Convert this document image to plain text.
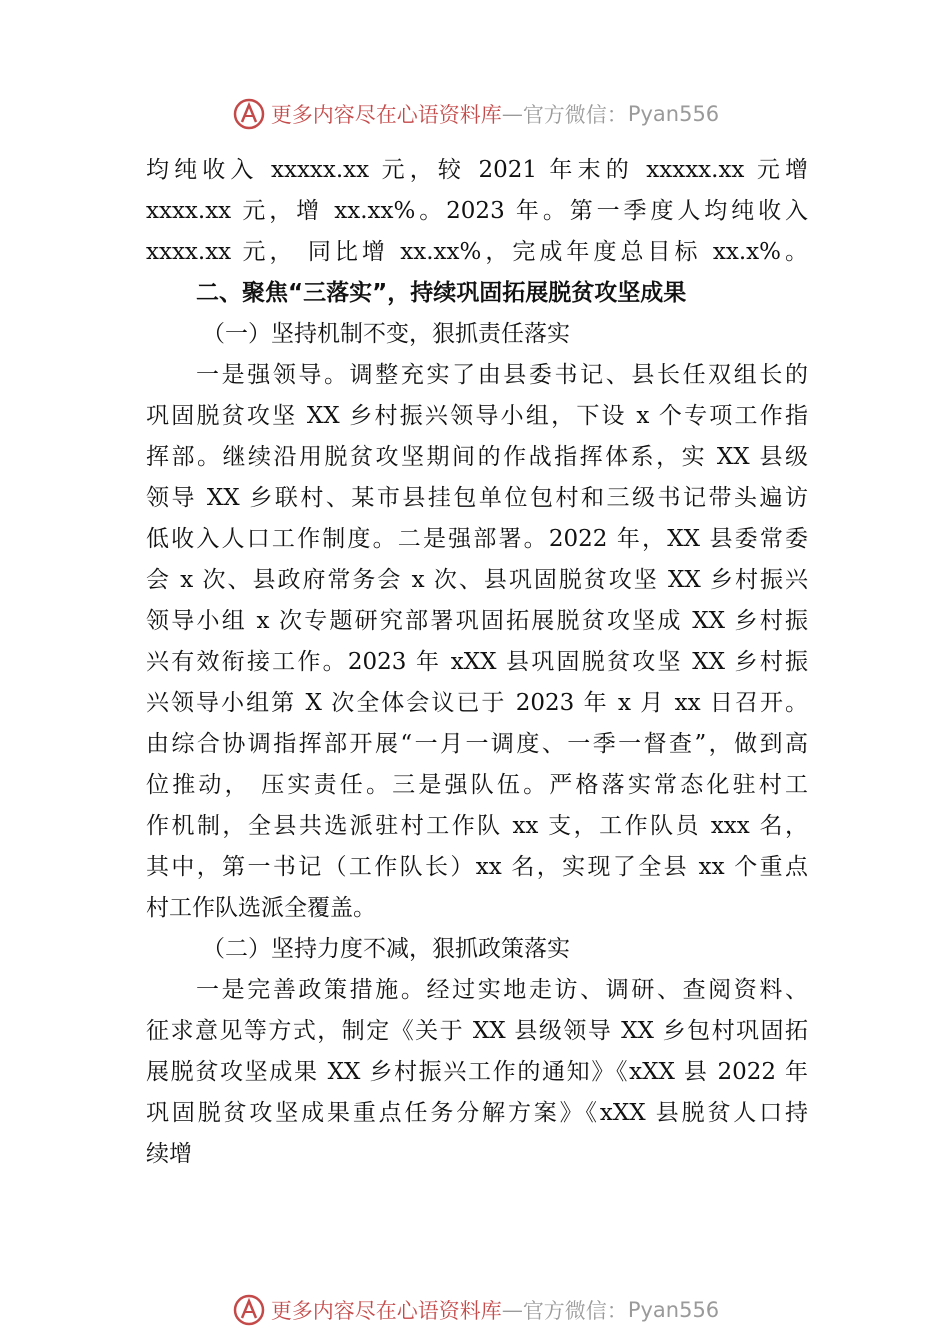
更多内容尽在心语资料库 — 官方微信： Pyan556
均纯收入 xxxxx.xx 元，较 2021 年末的 xxxxx.xx 元增
xxxx.xx 元，增 xx.xx%。2023 年。第一季度人均纯收入
xxxx.xx 元， 同比增 xx.xx%，完成年度总目标 xx.x%。
二、聚焦“三落实”，持续巩固拓展脱贫攻坚成果
（一）坚持机制不变，狠抓责任落实
一是强领导。调整充实了由县委书记、县长任双组长的
巩固脱贫攻坚 XX 乡村振兴领导小组，下设 x 个专项工作指
挥部。继续沿用脱贫攻坚期间的作战指挥体系，实 XX 县级
领导 XX 乡联村、某市县挂包单位包村和三级书记带头遍访
低收入人口工作制度。二是强部署。2022 年，XX 县委常委
会 x 次、县政府常务会 x 次、县巩固脱贫攻坚 XX 乡村振兴
领导小组 x 次专题研究部署巩固拓展脱贫攻坚成 XX 乡村振
兴有效衔接工作。2023 年 xXX 县巩固脱贫攻坚 XX 乡村振
兴领导小组第 X 次全体会议已于 2023 年 x 月 xx 日召开。
由综合协调指挥部开展“一月一调度、一季一督查”，做到高
位推动， 压实责任。三是强队伍。严格落实常态化驻村工
作机制，全县共选派驻村工作队 xx 支，工作队员 xxx 名，
其中，第一书记（工作队长）xx 名，实现了全县 xx 个重点
村工作队选派全覆盖。
（二）坚持力度不减，狠抓政策落实
一是完善政策措施。经过实地走访、调研、查阅资料、
征求意见等方式，制定《关于 XX 县级领导 XX 乡包村巩固拓
展脱贫攻坚成果 XX 乡村振兴工作的通知》《xXX 县 2022 年
巩固脱贫攻坚成果重点任务分解方案》《xXX 县脱贫人口持
续增
更多内容尽在心语资料库 — 官方微信： Pyan556
